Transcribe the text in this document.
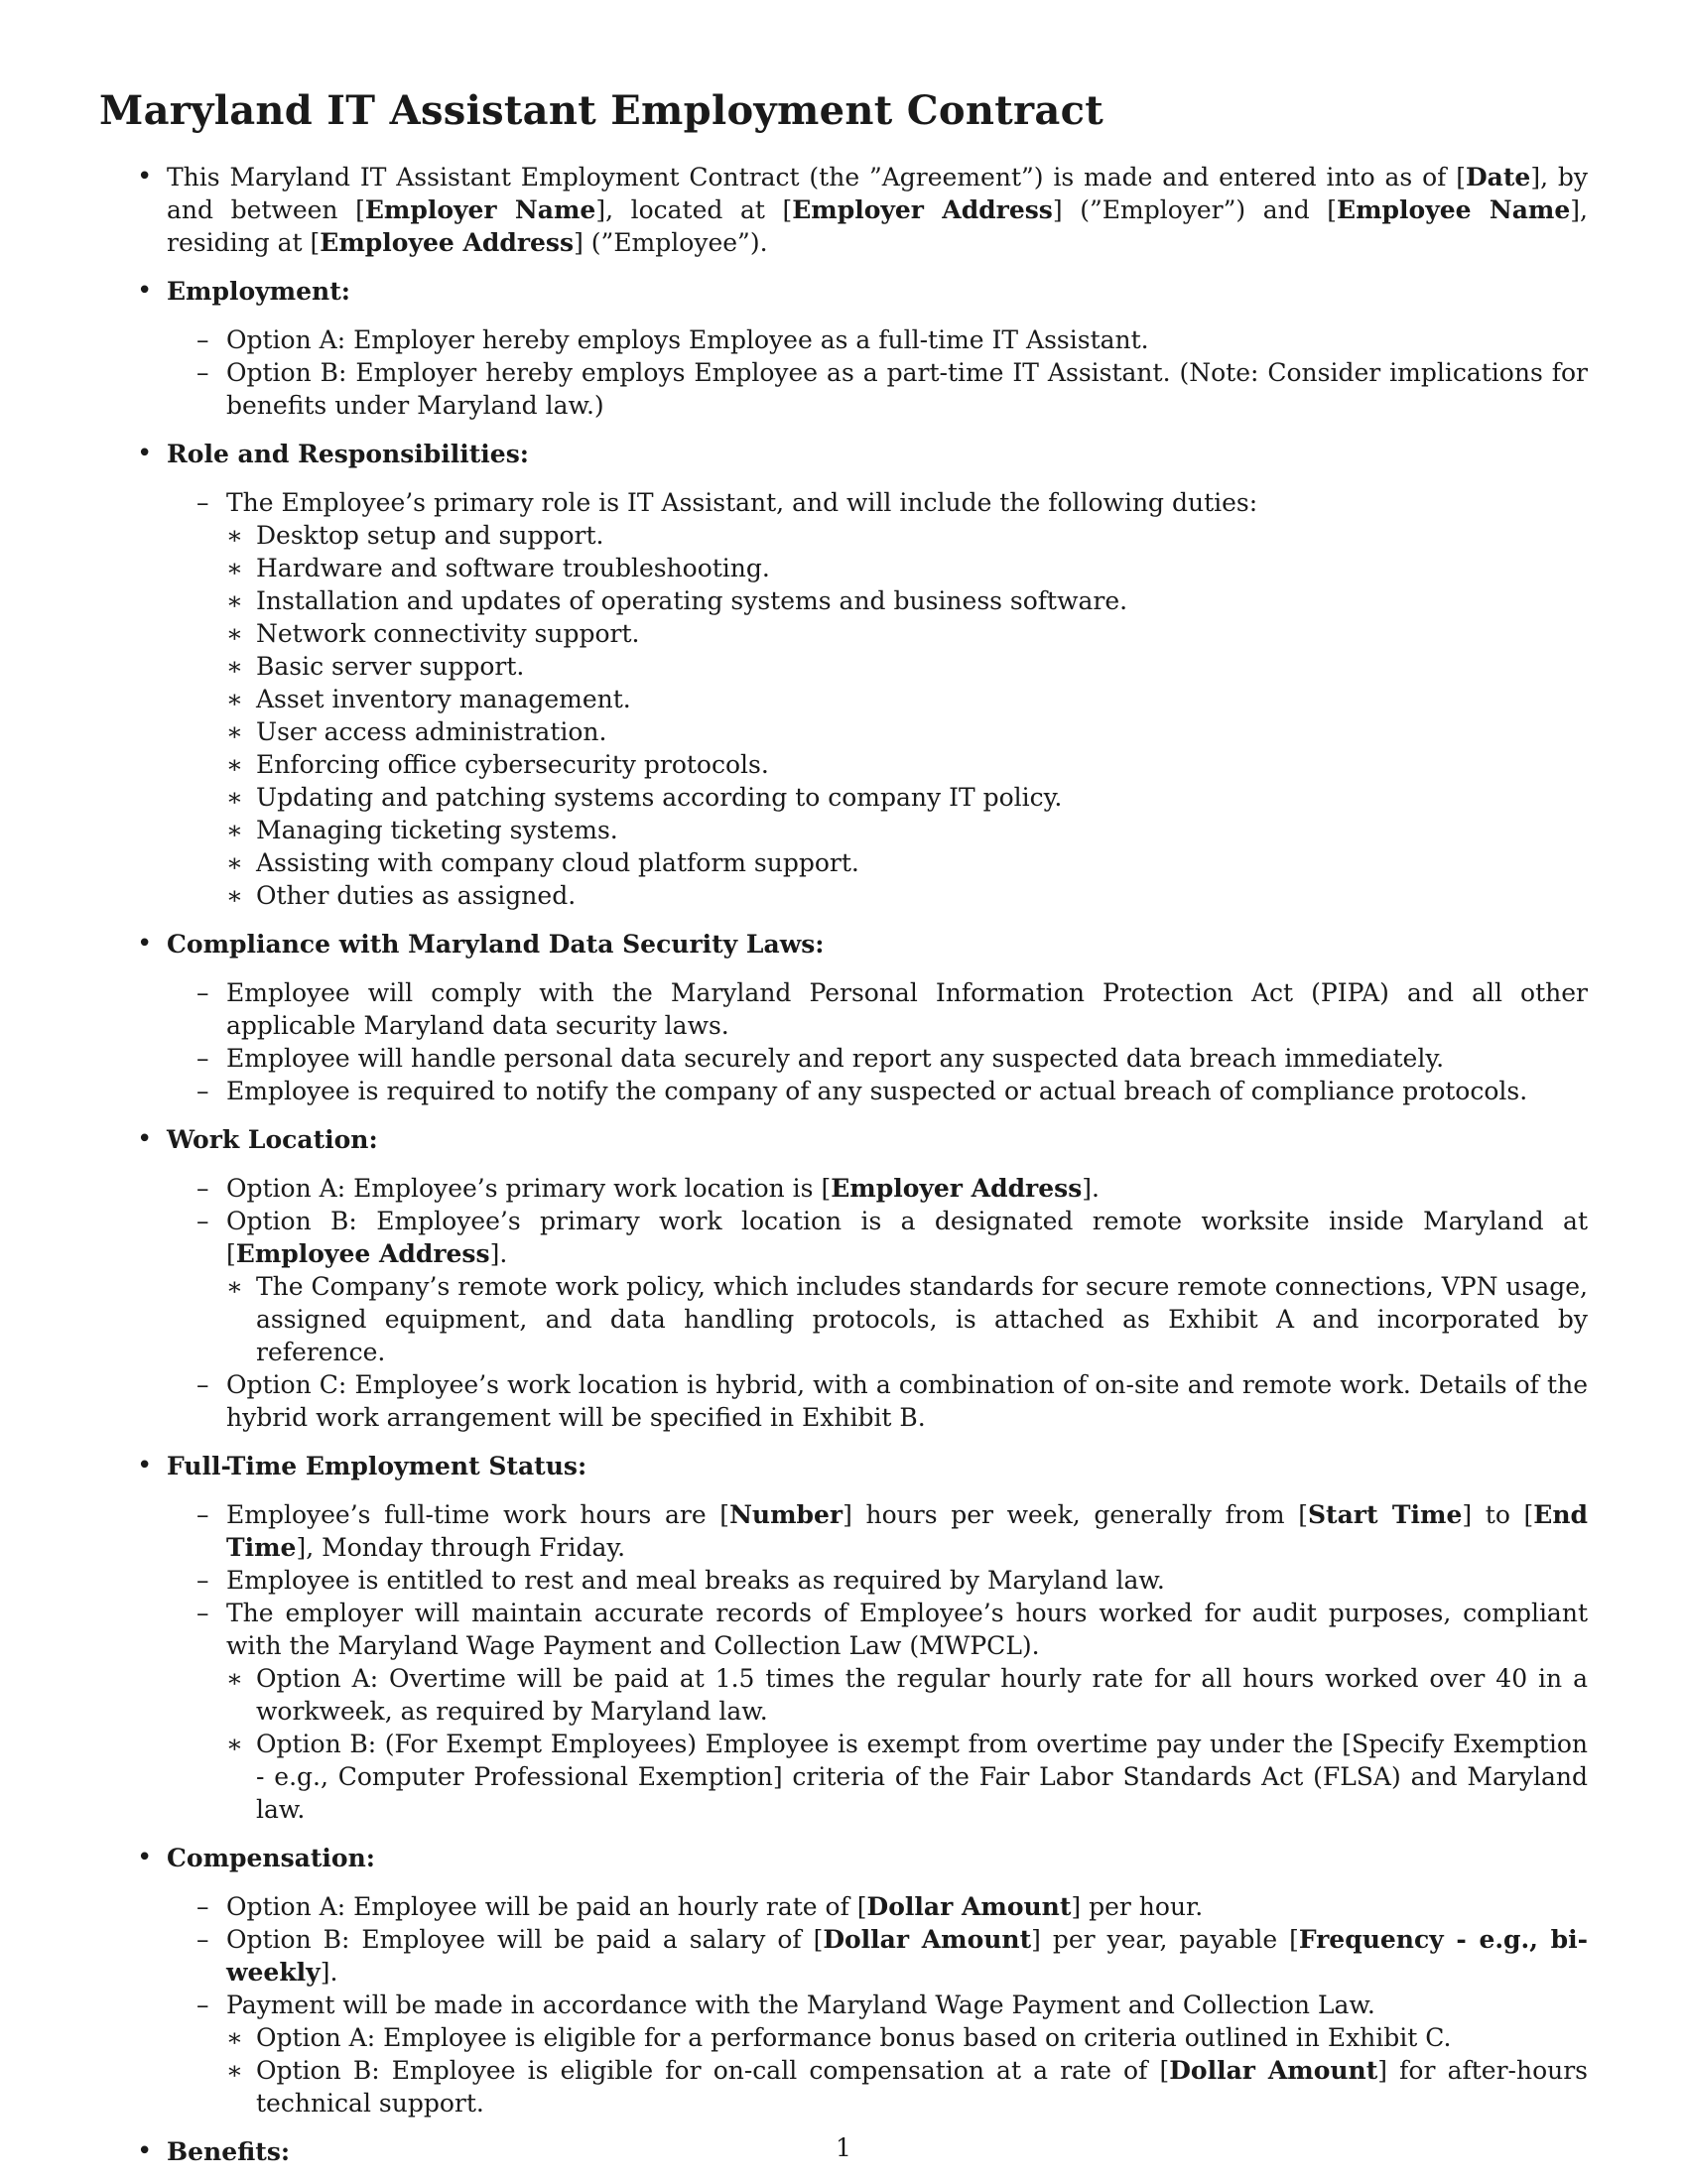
Maryland IT Assistant Employment Contract
• This Maryland IT Assistant Employment Contract (the ”Agreement”) is made and entered into as of [Date], by and between [Employer Name], located at [Employer Address] (”Employer”) and [Employee Name], residing at [Employee Address] (”Employee”).
• Employment:
– Option A: Employer hereby employs Employee as a full-time IT Assistant.
– Option B: Employer hereby employs Employee as a part-time IT Assistant. (Note: Consider implications for benefits under Maryland law.)
• Role and Responsibilities:
– The Employee’s primary role is IT Assistant, and will include the following duties:
∗ Desktop setup and support.
∗ Hardware and software troubleshooting.
∗ Installation and updates of operating systems and business software.
∗ Network connectivity support.
∗ Basic server support.
∗ Asset inventory management.
∗ User access administration.
∗ Enforcing office cybersecurity protocols.
∗ Updating and patching systems according to company IT policy.
∗ Managing ticketing systems.
∗ Assisting with company cloud platform support.
∗ Other duties as assigned.
• Compliance with Maryland Data Security Laws:
– Employee will comply with the Maryland Personal Information Protection Act (PIPA) and all other applicable Maryland data security laws.
– Employee will handle personal data securely and report any suspected data breach immediately.
– Employee is required to notify the company of any suspected or actual breach of compliance protocols.
• Work Location:
– Option A: Employee’s primary work location is [Employer Address].
– Option B: Employee’s primary work location is a designated remote worksite inside Maryland at [Employee Address].
∗ The Company’s remote work policy, which includes standards for secure remote connections, VPN usage, assigned equipment, and data handling protocols, is attached as Exhibit A and incorporated by reference.
– Option C: Employee’s work location is hybrid, with a combination of on-site and remote work. Details of the hybrid work arrangement will be specified in Exhibit B.
• Full-Time Employment Status:
– Employee’s full-time work hours are [Number] hours per week, generally from [Start Time] to [End Time], Monday through Friday.
– Employee is entitled to rest and meal breaks as required by Maryland law.
– The employer will maintain accurate records of Employee’s hours worked for audit purposes, compliant with the Maryland Wage Payment and Collection Law (MWPCL).
∗ Option A: Overtime will be paid at 1.5 times the regular hourly rate for all hours worked over 40 in a workweek, as required by Maryland law.
∗ Option B: (For Exempt Employees) Employee is exempt from overtime pay under the [Specify Exemption - e.g., Computer Professional Exemption] criteria of the Fair Labor Standards Act (FLSA) and Maryland law.
• Compensation:
– Option A: Employee will be paid an hourly rate of [Dollar Amount] per hour.
– Option B: Employee will be paid a salary of [Dollar Amount] per year, payable [Frequency - e.g., bi-weekly].
– Payment will be made in accordance with the Maryland Wage Payment and Collection Law.
∗ Option A: Employee is eligible for a performance bonus based on criteria outlined in Exhibit C.
∗ Option B: Employee is eligible for on-call compensation at a rate of [Dollar Amount] for after-hours technical support.
• Benefits:	1
